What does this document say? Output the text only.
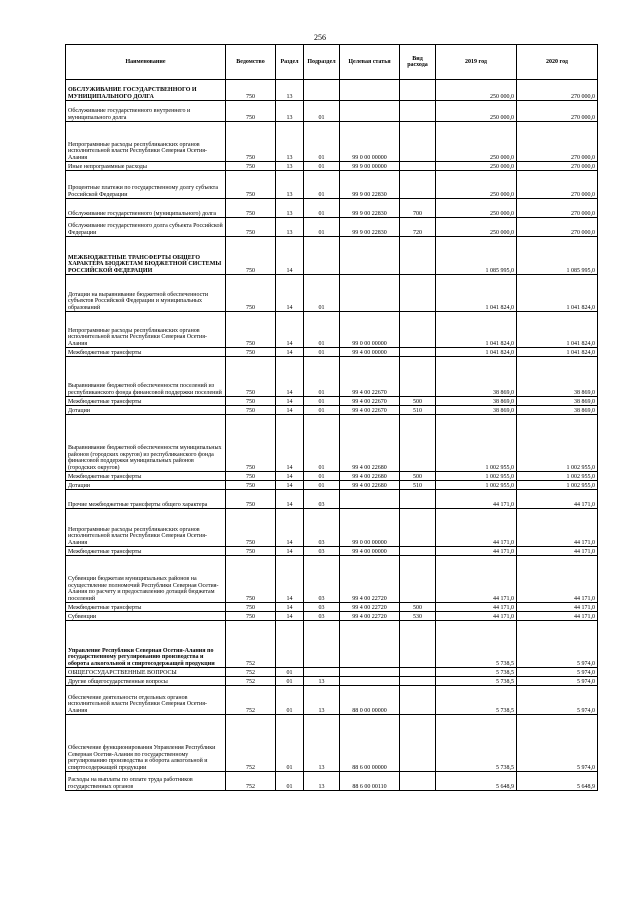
256
Наименование	Ведомство	Раздел	Подраздел	Целевая статья	Вид расхода	2019 год	2020 год
ОБСЛУЖИВАНИЕ ГОСУДАРСТВЕННОГО И МУНИЦИПАЛЬНОГО ДОЛГА	750	13				250 000,0	270 000,0
Обслуживание государственного внутреннего и муниципального долга	750	13	01			250 000,0	270 000,0
Непрограммные расходы республиканских органов исполнительной власти Республики Северная Осетия-Алания	750	13	01	99 0 00 00000		250 000,0	270 000,0
Иные непрограммные расходы	750	13	01	99 9 00 00000		250 000,0	270 000,0
Процентные платежи по государственному долгу субъекта Российской Федерации	750	13	01	99 9 00 22830		250 000,0	270 000,0
Обслуживание государственного (муниципального) долга	750	13	01	99 9 00 22830	700	250 000,0	270 000,0
Обслуживание государственного долга субъекта Российской Федерации	750	13	01	99 9 00 22830	720	250 000,0	270 000,0
МЕЖБЮДЖЕТНЫЕ ТРАНСФЕРТЫ ОБЩЕГО ХАРАКТЕРА БЮДЖЕТАМ БЮДЖЕТНОЙ СИСТЕМЫ РОССИЙСКОЙ ФЕДЕРАЦИИ	750	14				1 085 995,0	1 085 995,0
Дотации на выравнивание бюджетной обеспеченности субъектов Российской Федерации и муниципальных образований	750	14	01			1 041 824,0	1 041 824,0
Непрограммные расходы республиканских органов исполнительной власти Республики Северная Осетия-Алания	750	14	01	99 0 00 00000		1 041 824,0	1 041 824,0
Межбюджетные трансферты	750	14	01	99 4 00 00000		1 041 824,0	1 041 824,0
Выравнивание бюджетной обеспеченности поселений из республиканского фонда финансовой поддержки поселений	750	14	01	99 4 00 22670		38 869,0	38 869,0
Межбюджетные трансферты	750	14	01	99 4 00 22670	500	38 869,0	38 869,0
Дотации	750	14	01	99 4 00 22670	510	38 869,0	38 869,0
Выравнивание бюджетной обеспеченности муниципальных районов (городских округов) из республиканского фонда финансовой поддержки муниципальных районов (городских округов)	750	14	01	99 4 00 22680		1 002 955,0	1 002 955,0
Межбюджетные трансферты	750	14	01	99 4 00 22680	500	1 002 955,0	1 002 955,0
Дотации	750	14	01	99 4 00 22680	510	1 002 955,0	1 002 955,0
Прочие межбюджетные трансферты общего характера	750	14	03			44 171,0	44 171,0
Непрограммные расходы республиканских органов исполнительной власти Республики Северная Осетия-Алания	750	14	03	99 0 00 00000		44 171,0	44 171,0
Межбюджетные трансферты	750	14	03	99 4 00 00000		44 171,0	44 171,0
Субвенции бюджетам муниципальных районов на осуществление полномочий Республики Северная Осетия-Алания по расчету и предоставлению дотаций бюджетам поселений	750	14	03	99 4 00 22720		44 171,0	44 171,0
Межбюджетные трансферты	750	14	03	99 4 00 22720	500	44 171,0	44 171,0
Субвенции	750	14	03	99 4 00 22720	530	44 171,0	44 171,0
Управление Республики Северная Осетия-Алания по государственному регулированию производства и оборота алкогольной и спиртосодержащей продукции	752					5 738,5	5 974,0
ОБЩЕГОСУДАРСТВЕННЫЕ ВОПРОСЫ	752	01				5 738,5	5 974,0
Другие общегосударственные вопросы	752	01	13			5 738,5	5 974,0
Обеспечение деятельности отдельных органов исполнительной власти Республики Северная Осетия-Алания	752	01	13	88 0 00 00000		5 738,5	5 974,0
Обеспечение функционирования Управления Республики Северная Осетия-Алания по государственному регулированию производства и оборота алкогольной и спиртосодержащей продукции	752	01	13	88 6 00 00000		5 738,5	5 974,0
Расходы на выплаты по оплате труда работников государственных органов	752	01	13	88 6 00 00110		5 648,9	5 648,9
